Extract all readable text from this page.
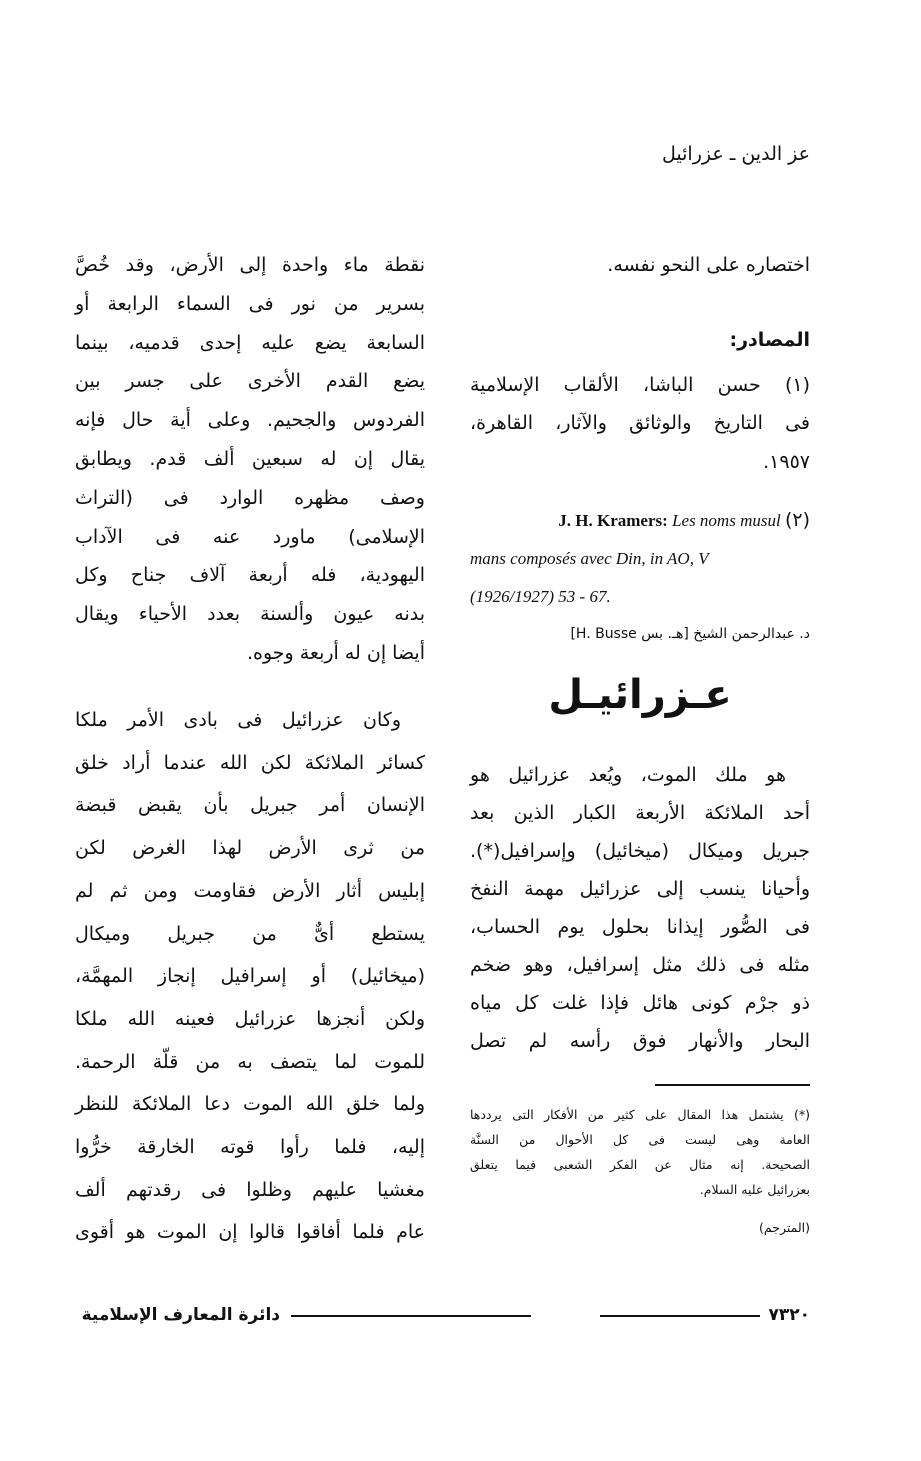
عز الدين ـ عزرائيل
اختصاره على النحو نفسه.
المصادر:
(١) حسن الباشا، الألقاب الإسلامية
فى التاريخ والوثائق والآثار، القاهرة،
١٩٥٧.
J. H. Kramers: Les noms musul (٢)
mans composés avec Din, in AO, V
(1926/1927) 53 - 67.
د. عبدالرحمن الشيخ [هـ. بس H. Busse]
عـزرائيـل
هو ملك الموت، ويُعد عزرائيل هو
أحد الملائكة الأربعة الكبار الذين بعد
جبريل وميكال (ميخائيل) وإسرافيل(*).
وأحيانا ينسب إلى عزرائيل مهمة النفخ
فى الصُّور إيذانا بحلول يوم الحساب،
مثله فى ذلك مثل إسرافيل، وهو ضخم
ذو جرْم كونى هائل فإذا غلت كل مياه
البحار والأنهار فوق رأسه لم تصل
(*) يشتمل هذا المقال على كثير من الأفكار التى يرددها
العامة وهى ليست فى كل الأحوال من السنَّة
الصحيحة. إنه مثال عن الفكر الشعبى فيما يتعلق
بعزرائيل عليه السلام.
(المترجم)
نقطة ماء واحدة إلى الأرض، وقد خُصَّ
بسرير من نور فى السماء الرابعة أو
السابعة يضع عليه إحدى قدميه، بينما
يضع القدم الأخرى على جسر بين
الفردوس والجحيم. وعلى أية حال فإنه
يقال إن له سبعين ألف قدم. ويطابق
وصف مظهره الوارد فى (التراث
الإسلامى) ماورد عنه فى الآداب
اليهودية، فله أربعة آلاف جناح وكل
بدنه عيون وألسنة بعدد الأحياء ويقال
أيضا إن له أربعة وجوه.
وكان عزرائيل فى بادى الأمر ملكا
كسائر الملائكة لكن الله عندما أراد خلق
الإنسان أمر جبريل بأن يقبض قبضة
من ثرى الأرض لهذا الغرض لكن
إبليس أثار الأرض فقاومت ومن ثم لم
يستطع أىٌّ من جبريل وميكال
(ميخائيل) أو إسرافيل إنجاز المهمَّة،
ولكن أنجزها عزرائيل فعينه الله ملكا
للموت لما يتصف به من قلّة الرحمة.
ولما خلق الله الموت دعا الملائكة للنظر
إليه، فلما رأوا قوته الخارقة خرُّوا
مغشيا عليهم وظلوا فى رقدتهم ألف
عام فلما أفاقوا قالوا إن الموت هو أقوى
دائرة المعارف الإسلامية	٧٣٢٠
